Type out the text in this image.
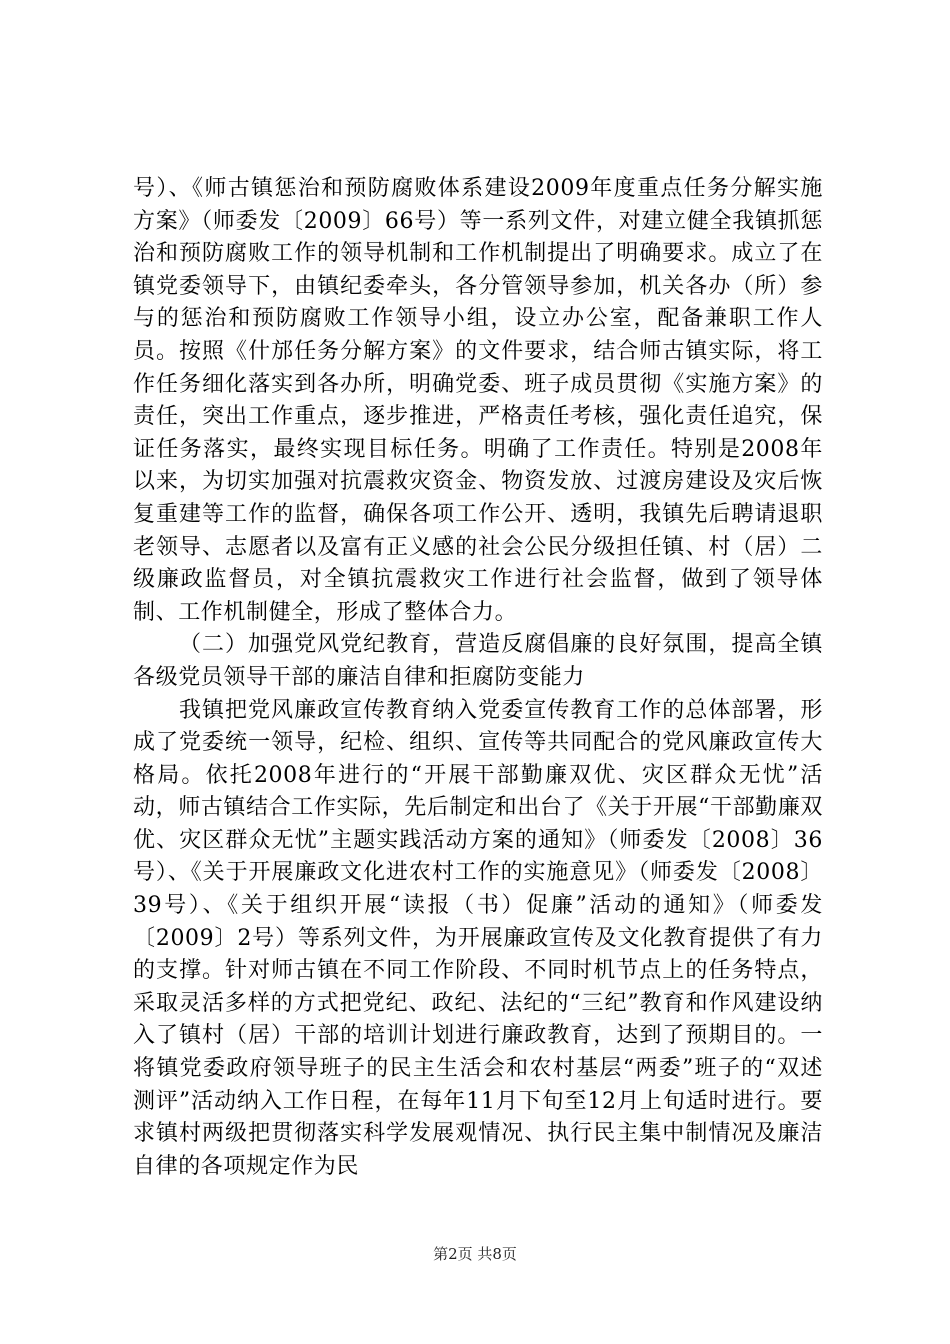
号）、《师古镇惩治和预防腐败体系建设2009年度重点任务分解实施方案》（师委发〔2009〕66号）等一系列文件，对建立健全我镇抓惩治和预防腐败工作的领导机制和工作机制提出了明确要求。成立了在镇党委领导下，由镇纪委牵头，各分管领导参加，机关各办（所）参与的惩治和预防腐败工作领导小组，设立办公室，配备兼职工作人员。按照《什邡任务分解方案》的文件要求，结合师古镇实际，将工作任务细化落实到各办所，明确党委、班子成员贯彻《实施方案》的责任，突出工作重点，逐步推进，严格责任考核，强化责任追究，保证任务落实，最终实现目标任务。明确了工作责任。特别是2008年以来，为切实加强对抗震救灾资金、物资发放、过渡房建设及灾后恢复重建等工作的监督，确保各项工作公开、透明，我镇先后聘请退职老领导、志愿者以及富有正义感的社会公民分级担任镇、村（居）二级廉政监督员，对全镇抗震救灾工作进行社会监督，做到了领导体制、工作机制健全，形成了整体合力。

（二）加强党风党纪教育，营造反腐倡廉的良好氛围，提高全镇各级党员领导干部的廉洁自律和拒腐防变能力

我镇把党风廉政宣传教育纳入党委宣传教育工作的总体部署，形成了党委统一领导，纪检、组织、宣传等共同配合的党风廉政宣传大格局。依托2008年进行的“开展干部勤廉双优、灾区群众无忧”活动，师古镇结合工作实际，先后制定和出台了《关于开展“干部勤廉双优、灾区群众无忧”主题实践活动方案的通知》（师委发〔2008〕36号）、《关于开展廉政文化进农村工作的实施意见》（师委发〔2008〕39号）、《关于组织开展“读报（书）促廉”活动的通知》（师委发〔2009〕2号）等系列文件，为开展廉政宣传及文化教育提供了有力的支撑。针对师古镇在不同工作阶段、不同时机节点上的任务特点，采取灵活多样的方式把党纪、政纪、法纪的“三纪”教育和作风建设纳入了镇村（居）干部的培训计划进行廉政教育，达到了预期目的。一将镇党委政府领导班子的民主生活会和农村基层“两委”班子的“双述测评”活动纳入工作日程，在每年11月下旬至12月上旬适时进行。要求镇村两级把贯彻落实科学发展观情况、执行民主集中制情况及廉洁自律的各项规定作为民

第2页 共8页
